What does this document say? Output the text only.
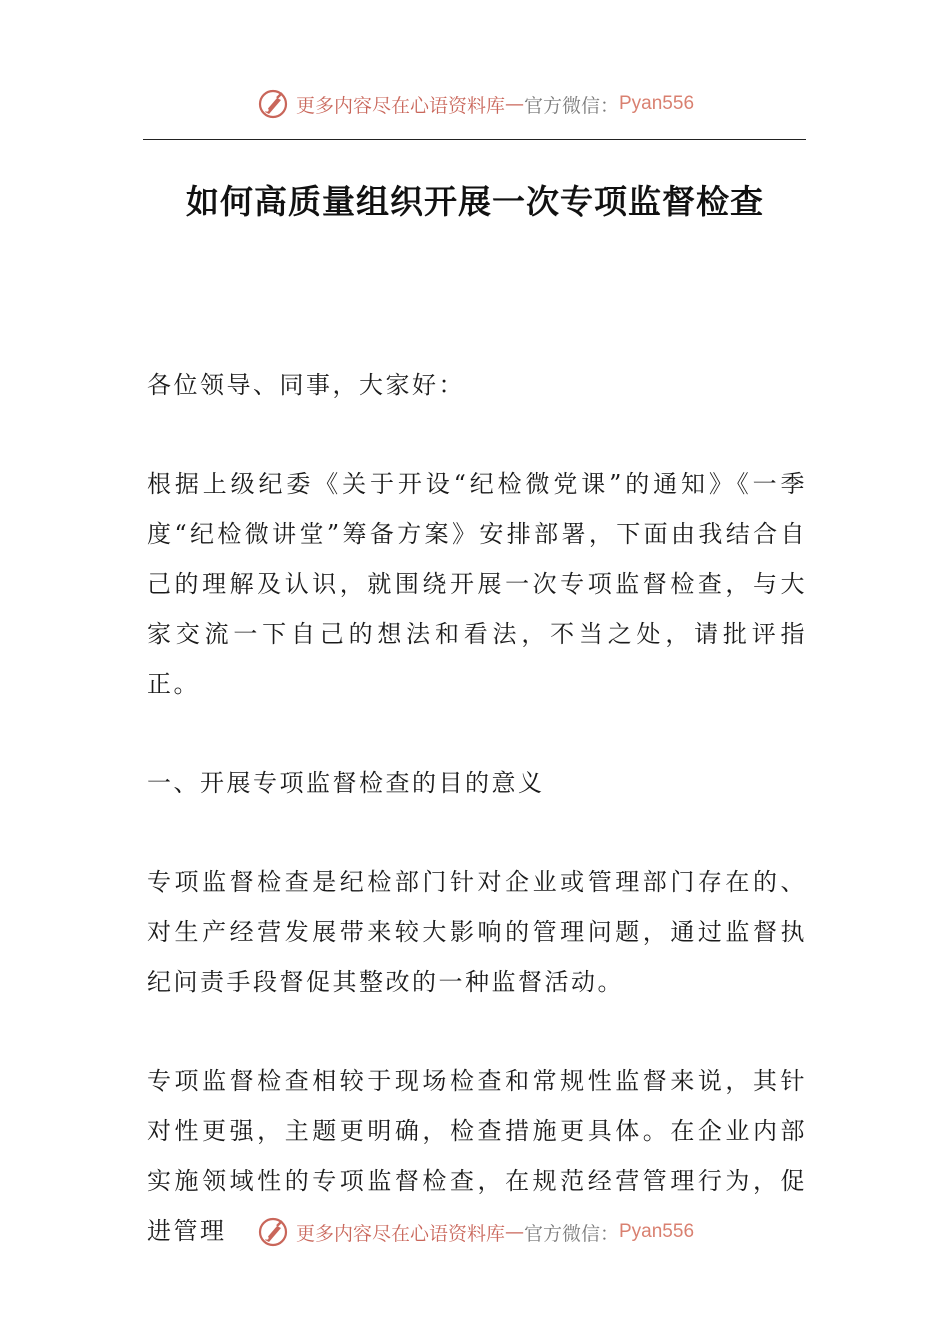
更多内容尽在心语资料库 — 官方微信： Pyan556
如何高质量组织开展一次专项监督检查

各位领导、同事，大家好：

根据上级纪委《关于开设“纪检微党课”的通知》《一季度“纪检微讲堂”筹备方案》安排部署，下面由我结合自己的理解及认识，就围绕开展一次专项监督检查，与大家交流一下自己的想法和看法，不当之处，请批评指正。

一、开展专项监督检查的目的意义

专项监督检查是纪检部门针对企业或管理部门存在的、对生产经营发展带来较大影响的管理问题，通过监督执纪问责手段督促其整改的一种监督活动。

专项监督检查相较于现场检查和常规性监督来说，其针对性更强，主题更明确，检查措施更具体。在企业内部实施领域性的专项监督检查，在规范经营管理行为，促进管理	更多内容尽在心语资料库 — 官方微信： Pyan556
